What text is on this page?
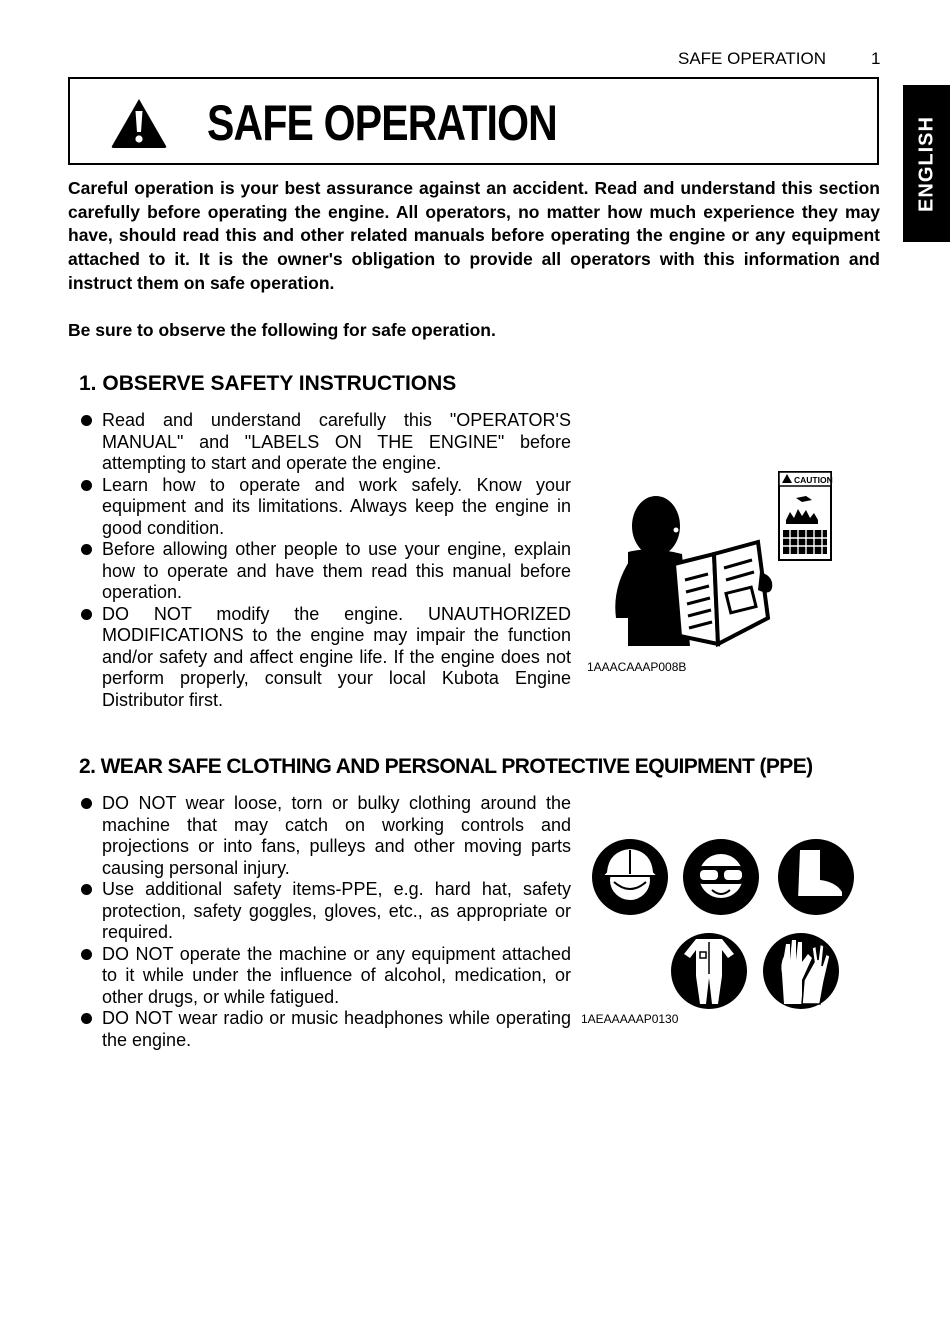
SAFE OPERATION	1
ENGLISH
SAFE OPERATION

Careful operation is your best assurance against an accident. Read and understand this section carefully before operating the engine. All operators, no matter how much experience they may have, should read this and other related manuals before operating the engine or any equipment attached to it. It is the owner's obligation to provide all operators with this information and instruct them on safe operation.

Be sure to observe the following for safe operation.

1. OBSERVE SAFETY INSTRUCTIONS
Read and understand carefully this "OPERATOR'S MANUAL" and "LABELS ON THE ENGINE" before attempting to start and operate the engine.
Learn how to operate and work safely. Know your equipment and its limitations. Always keep the engine in good condition.
Before allowing other people to use your engine, explain how to operate and have them read this manual before operation.
DO NOT modify the engine. UNAUTHORIZED MODIFICATIONS to the engine may impair the function and/or safety and affect engine life. If the engine does not perform properly, consult your local Kubota Engine Distributor first.
CAUTION
1AAACAAAP008B
2. WEAR SAFE CLOTHING AND PERSONAL PROTECTIVE EQUIPMENT (PPE)
DO NOT wear loose, torn or bulky clothing around the machine that may catch on working controls and projections or into fans, pulleys and other moving parts causing personal injury.
Use additional safety items-PPE, e.g. hard hat, safety protection, safety goggles, gloves, etc., as appropriate or required.
DO NOT operate the machine or any equipment attached to it while under the influence of alcohol, medication, or other drugs, or while fatigued.
DO NOT wear radio or music headphones while operating the engine.
1AEAAAAAP0130
